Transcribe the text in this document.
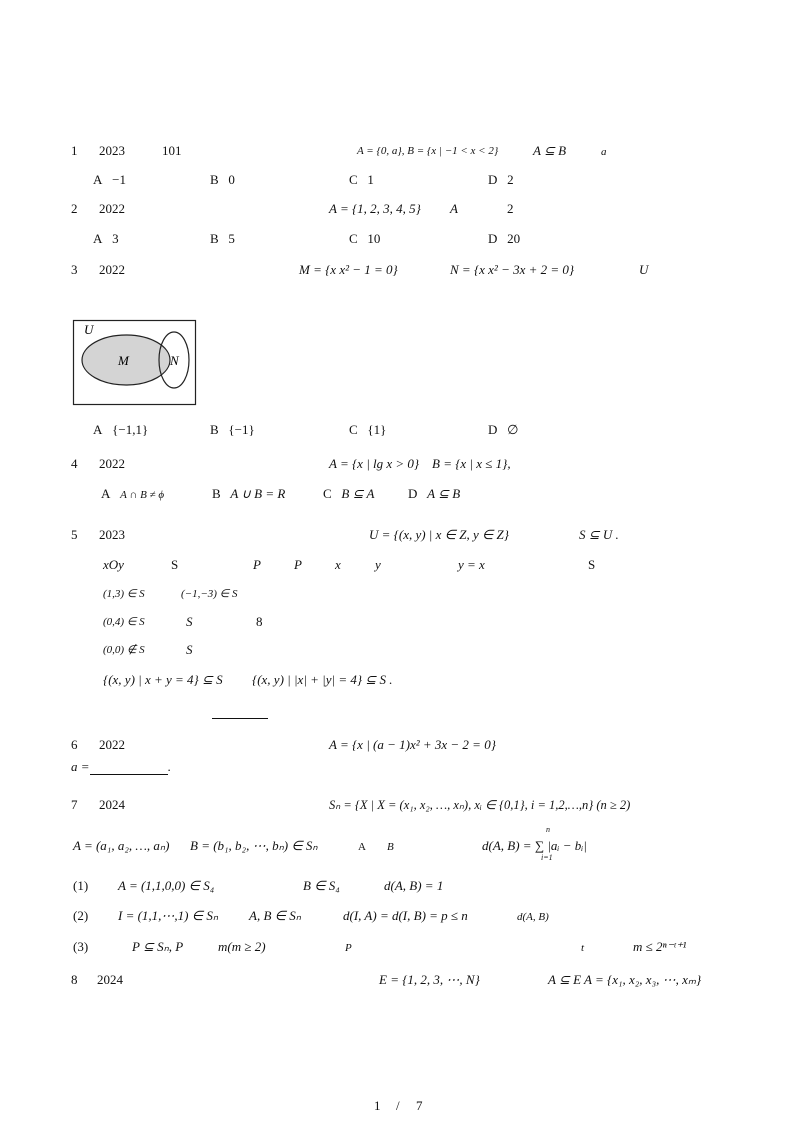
1 2023	101	A = {0, a}, B = {x | −1 < x < 2}	A ⊆ B	a
A −1	B 0	C 1	D 2
2 2022	A = {1, 2, 3, 4, 5} A	2
A 3	B 5	C 10	D 20
3 2022	M = {x x² − 1 = 0}	N = {x x² − 3x + 2 = 0}	U
U
M	N
A {−1,1}	B {−1}	C {1}	D ∅
4 2022	A = {x | lg x > 0} B = {x | x ≤ 1},
A A ∩ B ≠ ϕ	B A ∪ B = R	C B ⊆ A	D A ⊆ B
5 2023	U = {(x, y) | x ∈ Z, y ∈ Z}	S ⊆ U .
xOy	S	P	P	x	y	y = x	S
(1,3) ∈ S	(−1,−3) ∈ S
(0,4) ∈ S	S	8
(0,0) ∉ S	S
{(x, y) | x + y = 4} ⊆ S {(x, y) | |x| + |y| = 4} ⊆ S .
6 2022	A = {x | (a − 1)x² + 3x − 2 = 0}
a =	.
7 2024	Sₙ = {X | X = (x₁, x₂, …, xₙ), xᵢ ∈ {0,1}, i = 1,2,…,n} (n ≥ 2)
A = (a₁, a₂, …, aₙ) B = (b₁, b₂, ⋯, bₙ) ∈ Sₙ	A B	d(A, B) = ∑ |aᵢ − bᵢ|
n
i=1
(1) A = (1,1,0,0) ∈ S₄	B ∈ S₄	d(A, B) = 1
(2) I = (1,1,⋯,1) ∈ Sₙ A, B ∈ Sₙ	d(I, A) = d(I, B) = p ≤ n	d(A, B)
(3)	P ⊆ Sₙ, P	m(m ≥ 2)	P	t	m ≤ 2ⁿ⁻ᵗ⁺¹
8 2024	E = {1, 2, 3, ⋯, N}	A ⊆ E A = {x₁, x₂, x₃, ⋯, xₘ}
1 / 7
